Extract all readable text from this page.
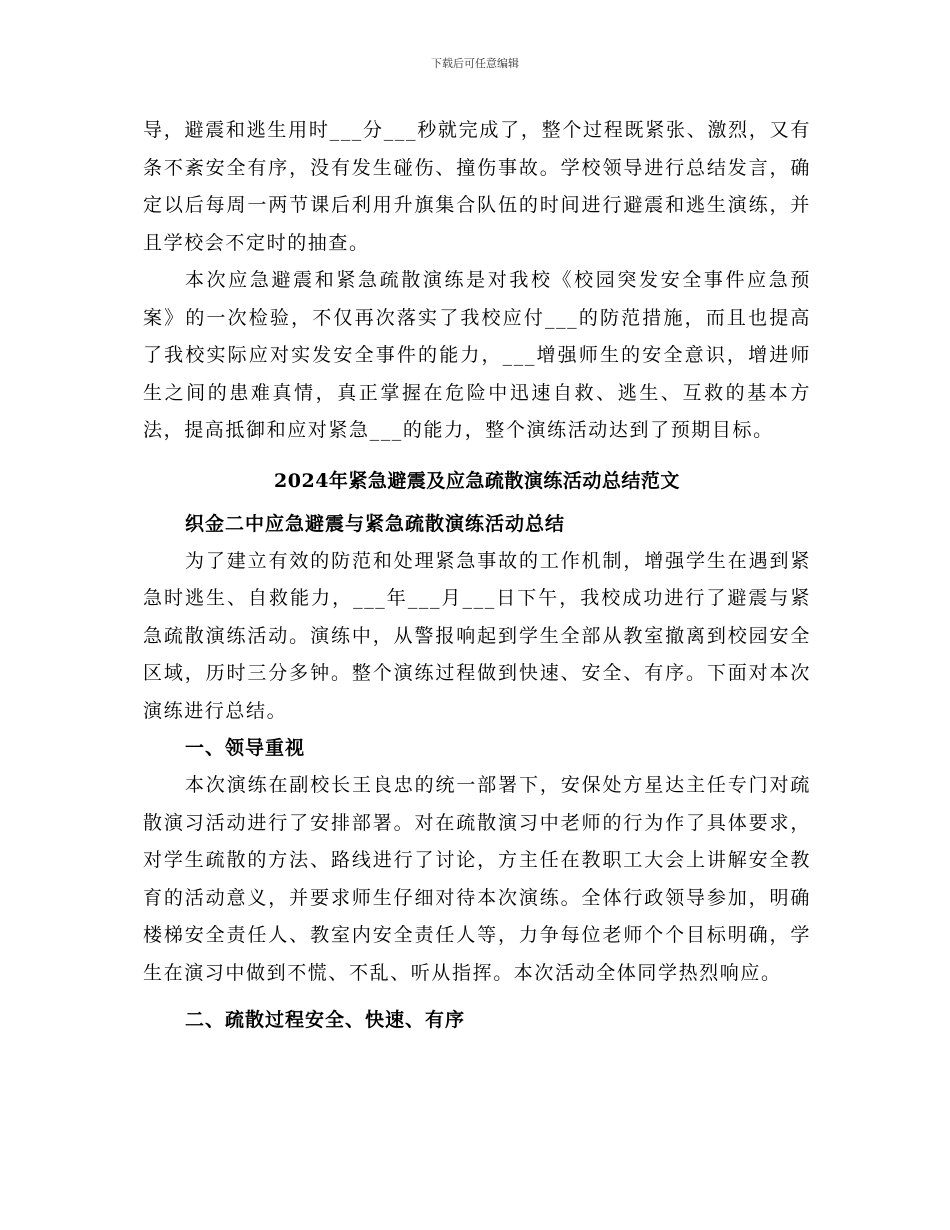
下载后可任意编辑

导，避震和逃生用时___分___秒就完成了，整个过程既紧张、激烈，又有条不紊安全有序，没有发生碰伤、撞伤事故。学校领导进行总结发言，确定以后每周一两节课后利用升旗集合队伍的时间进行避震和逃生演练，并且学校会不定时的抽查。

本次应急避震和紧急疏散演练是对我校《校园突发安全事件应急预案》的一次检验，不仅再次落实了我校应付___的防范措施，而且也提高了我校实际应对实发安全事件的能力，___增强师生的安全意识，增进师生之间的患难真情，真正掌握在危险中迅速自救、逃生、互救的基本方法，提高抵御和应对紧急___的能力，整个演练活动达到了预期目标。

2024年紧急避震及应急疏散演练活动总结范文
织金二中应急避震与紧急疏散演练活动总结

为了建立有效的防范和处理紧急事故的工作机制，增强学生在遇到紧急时逃生、自救能力，___年___月___日下午，我校成功进行了避震与紧急疏散演练活动。演练中，从警报响起到学生全部从教室撤离到校园安全区域，历时三分多钟。整个演练过程做到快速、安全、有序。下面对本次演练进行总结。

一、领导重视

本次演练在副校长王良忠的统一部署下，安保处方星达主任专门对疏散演习活动进行了安排部署。对在疏散演习中老师的行为作了具体要求，对学生疏散的方法、路线进行了讨论，方主任在教职工大会上讲解安全教育的活动意义，并要求师生仔细对待本次演练。全体行政领导参加，明确楼梯安全责任人、教室内安全责任人等，力争每位老师个个目标明确，学生在演习中做到不慌、不乱、听从指挥。本次活动全体同学热烈响应。

二、疏散过程安全、快速、有序
